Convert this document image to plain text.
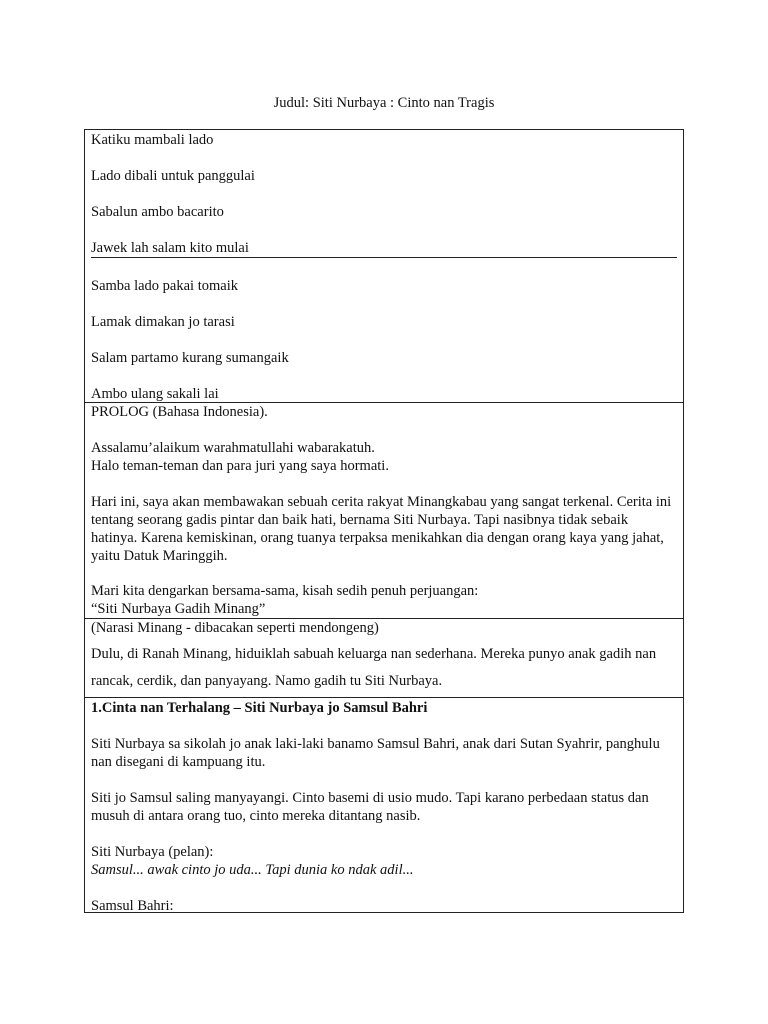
Judul: Siti Nurbaya : Cinto nan Tragis
Katiku mambali lado
Lado dibali untuk panggulai
Sabalun ambo bacarito
Jawek lah salam kito mulai
Samba lado pakai tomaik
Lamak dimakan jo tarasi
Salam partamo kurang sumangaik
Ambo ulang sakali lai
PROLOG (Bahasa Indonesia).
Assalamu’alaikum warahmatullahi wabarakatuh.
Halo teman-teman dan para juri yang saya hormati.
Hari ini, saya akan membawakan sebuah cerita rakyat Minangkabau yang sangat terkenal. Cerita ini tentang seorang gadis pintar dan baik hati, bernama Siti Nurbaya. Tapi nasibnya tidak sebaik hatinya. Karena kemiskinan, orang tuanya terpaksa menikahkan dia dengan orang kaya yang jahat, yaitu Datuk Maringgih.
Mari kita dengarkan bersama-sama, kisah sedih penuh perjuangan:
“Siti Nurbaya Gadih Minang”
(Narasi Minang - dibacakan seperti mendongeng)
Dulu, di Ranah Minang, hiduiklah sabuah keluarga nan sederhana. Mereka punyo anak gadih nan
rancak, cerdik, dan panyayang. Namo gadih tu Siti Nurbaya.
1.Cinta nan Terhalang – Siti Nurbaya jo Samsul Bahri
Siti Nurbaya sa sikolah jo anak laki-laki banamo Samsul Bahri, anak dari Sutan Syahrir, panghulu nan disegani di kampuang itu.
Siti jo Samsul saling manyayangi. Cinto basemi di usio mudo. Tapi karano perbedaan status dan musuh di antara orang tuo, cinto mereka ditantang nasib.
Siti Nurbaya (pelan):
Samsul... awak cinto jo uda... Tapi dunia ko ndak adil...
Samsul Bahri:
